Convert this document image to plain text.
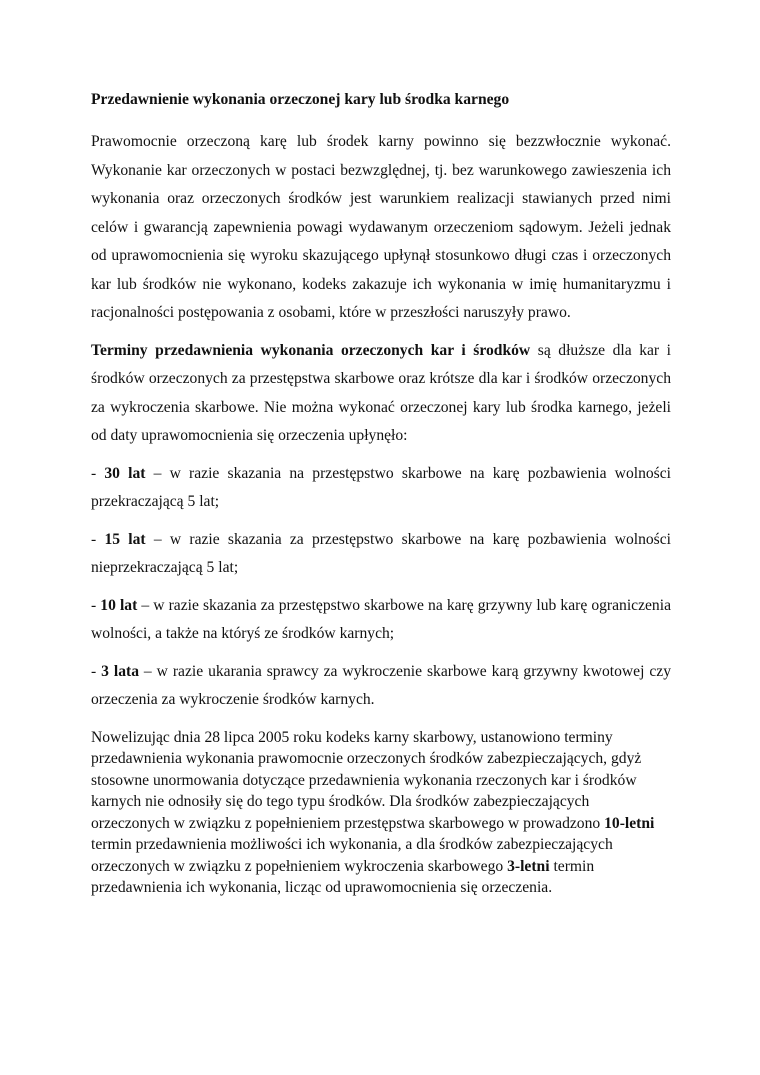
Przedawnienie wykonania orzeczonej kary lub środka karnego

Prawomocnie orzeczoną karę lub środek karny powinno się bezzwłocznie wykonać. Wykonanie kar orzeczonych w postaci bezwzględnej, tj. bez warunkowego zawieszenia ich wykonania oraz orzeczonych środków jest warunkiem realizacji stawianych przed nimi celów i gwarancją zapewnienia powagi wydawanym orzeczeniom sądowym. Jeżeli jednak od uprawomocnienia się wyroku skazującego upłynął stosunkowo długi czas i orzeczonych kar lub środków nie wykonano, kodeks zakazuje ich wykonania w imię humanitaryzmu i racjonalności postępowania z osobami, które w przeszłości naruszyły prawo.

Terminy przedawnienia wykonania orzeczonych kar i środków są dłuższe dla kar i środków orzeczonych za przestępstwa skarbowe oraz krótsze dla kar i środków orzeczonych za wykroczenia skarbowe. Nie można wykonać orzeczonej kary lub środka karnego, jeżeli od daty uprawomocnienia się orzeczenia upłynęło:

- 30 lat – w razie skazania na przestępstwo skarbowe na karę pozbawienia wolności przekraczającą 5 lat;

- 15 lat – w razie skazania za przestępstwo skarbowe na karę pozbawienia wolności nieprzekraczającą 5 lat;

- 10 lat – w razie skazania za przestępstwo skarbowe na karę grzywny lub karę ograniczenia wolności, a także na któryś ze środków karnych;

- 3 lata – w razie ukarania sprawcy za wykroczenie skarbowe karą grzywny kwotowej czy orzeczenia za wykroczenie środków karnych.

Nowelizując dnia 28 lipca 2005 roku kodeks karny skarbowy, ustanowiono terminy przedawnienia wykonania prawomocnie orzeczonych środków zabezpieczających, gdyż stosowne unormowania dotyczące przedawnienia wykonania rzeczonych kar i środków karnych nie odnosiły się do tego typu środków. Dla środków zabezpieczających orzeczonych w związku z popełnieniem przestępstwa skarbowego w prowadzono 10-letni termin przedawnienia możliwości ich wykonania, a dla środków zabezpieczających orzeczonych w związku z popełnieniem wykroczenia skarbowego 3-letni termin przedawnienia ich wykonania, licząc od uprawomocnienia się orzeczenia.
